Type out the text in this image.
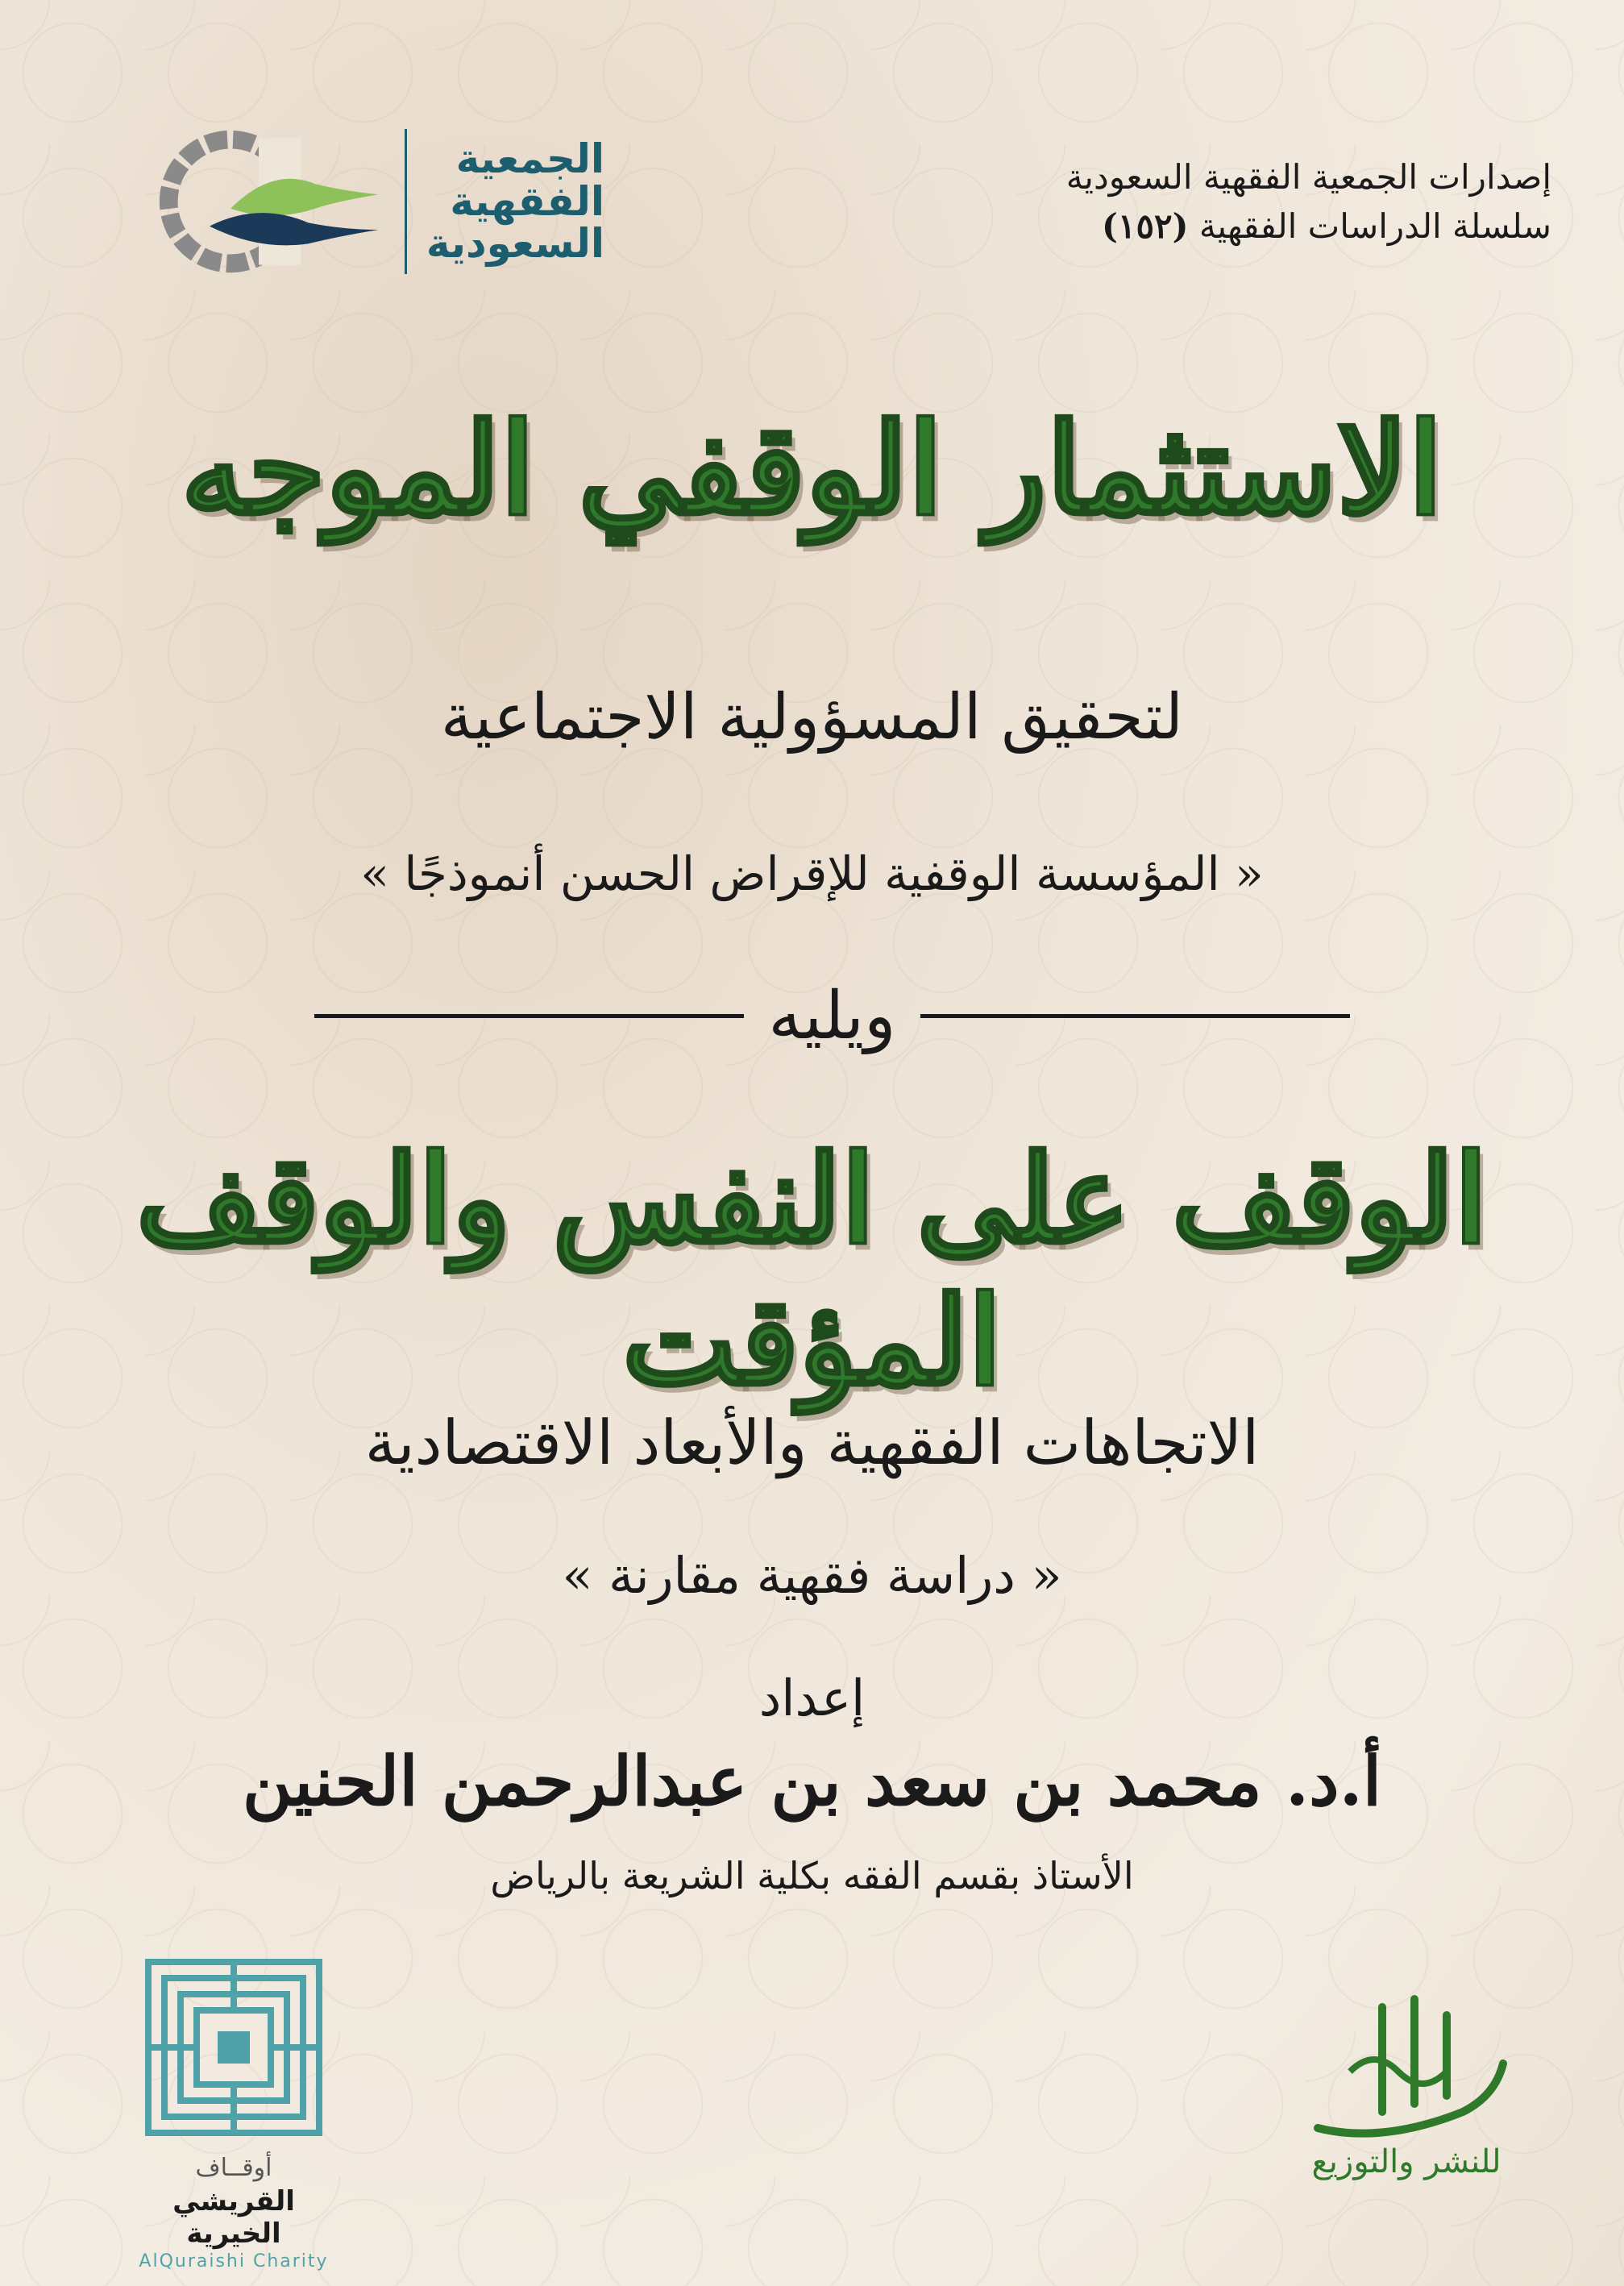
إصدارات الجمعية الفقهية السعودية
سلسلة الدراسات الفقهية (١٥٢)
الجمعية
الفقهية
السعودية
الاستثمار الوقفي الموجه
لتحقيق المسؤولية الاجتماعية
« المؤسسة الوقفية للإقراض الحسن أنموذجًا »
ويليه
الوقف على النفس والوقف المؤقت
الاتجاهات الفقهية والأبعاد الاقتصادية
« دراسة فقهية مقارنة »
إعداد
أ.د. محمد بن سعد بن عبدالرحمن الحنين
الأستاذ بقسم الفقه بكلية الشريعة بالرياض
أوقــاف
القريشي الخيرية
AlQuraishi Charity
للنشر والتوزيع
